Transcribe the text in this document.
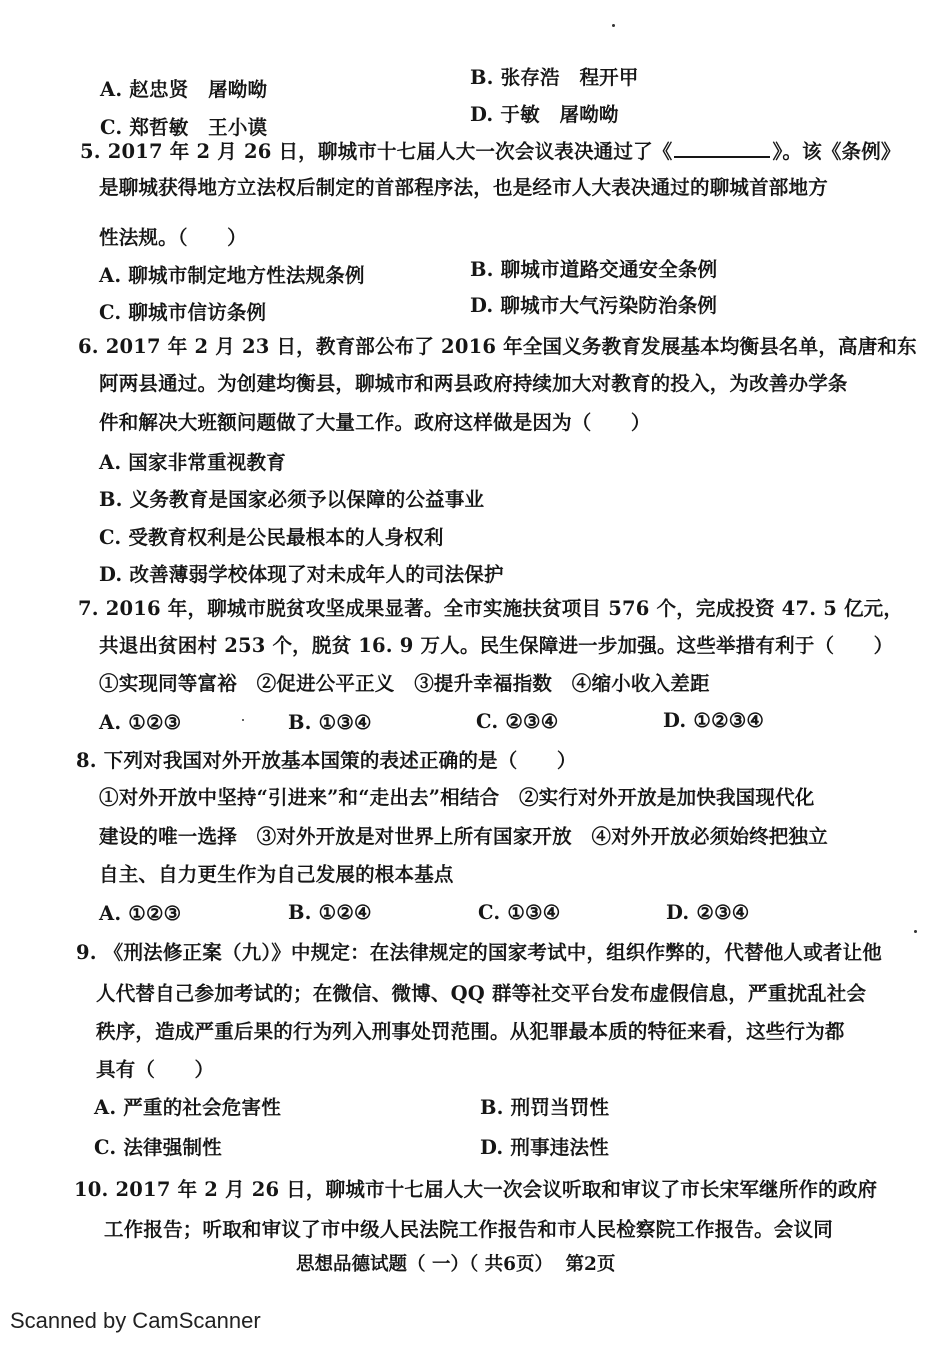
A. 赵忠贤　屠呦呦
B. 张存浩　程开甲
C. 郑哲敏　王小谟
D. 于敏　屠呦呦
5. 2017 年 2 月 26 日，聊城市十七届人大一次会议表决通过了《	》。该《条例》
是聊城获得地方立法权后制定的首部程序法，也是经市人大表决通过的聊城首部地方
性法规。（　　）
A. 聊城市制定地方性法规条例	B. 聊城市道路交通安全条例
C. 聊城市信访条例	D. 聊城市大气污染防治条例
6. 2017 年 2 月 23 日，教育部公布了 2016 年全国义务教育发展基本均衡县名单，高唐和东
阿两县通过。为创建均衡县，聊城市和两县政府持续加大对教育的投入，为改善办学条
件和解决大班额问题做了大量工作。政府这样做是因为（　　）
A. 国家非常重视教育
B. 义务教育是国家必须予以保障的公益事业
C. 受教育权利是公民最根本的人身权利
D. 改善薄弱学校体现了对未成年人的司法保护
7. 2016 年，聊城市脱贫攻坚成果显著。全市实施扶贫项目 576 个，完成投资 47. 5 亿元，
共退出贫困村 253 个，脱贫 16. 9 万人。民生保障进一步加强。这些举措有利于（　　）
①实现同等富裕　②促进公平正义　③提升幸福指数　④缩小收入差距
A. ①②③	B. ①③④	C. ②③④	D. ①②③④
8. 下列对我国对外开放基本国策的表述正确的是（　　）
①对外开放中坚持“引进来”和“走出去”相结合　②实行对外开放是加快我国现代化
建设的唯一选择　③对外开放是对世界上所有国家开放　④对外开放必须始终把独立
自主、自力更生作为自己发展的根本基点
A. ①②③	B. ①②④	C. ①③④	D. ②③④
9. 《刑法修正案（九）》中规定：在法律规定的国家考试中，组织作弊的，代替他人或者让他
人代替自己参加考试的；在微信、微博、QQ 群等社交平台发布虚假信息，严重扰乱社会
秩序，造成严重后果的行为列入刑事处罚范围。从犯罪最本质的特征来看，这些行为都
具有（　　）
A. 严重的社会危害性	B. 刑罚当罚性
C. 法律强制性	D. 刑事违法性
10. 2017 年 2 月 26 日，聊城市十七届人大一次会议听取和审议了市长宋军继所作的政府
工作报告；听取和审议了市中级人民法院工作报告和市人民检察院工作报告。会议同
思想品德试题（ 一）（ 共6页） 第2页
Scanned by CamScanner
